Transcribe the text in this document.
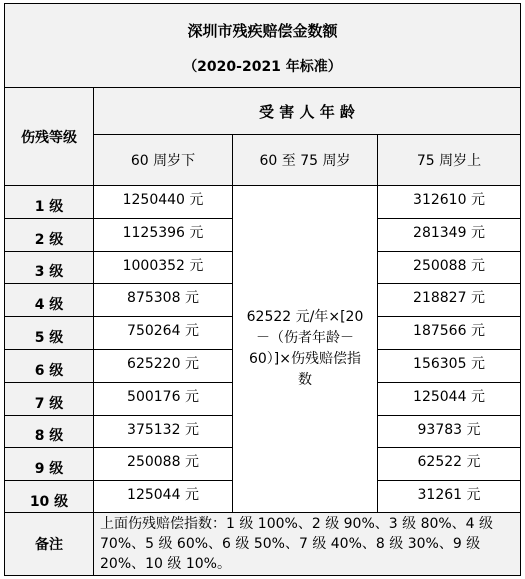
深圳市残疾赔偿金数额
（2020-2021 年标准）
伤残等级
受 害 人 年 龄
60 周岁下	60 至 75 周岁	75 周岁上
1 级	1250440 元	312610 元
2 级	1125396 元	281349 元
3 级	1000352 元	250088 元
4 级	875308 元	218827 元
5 级	750264 元	187566 元
6 级	625220 元	156305 元
7 级	500176 元	125044 元
8 级	375132 元	93783 元
9 级	250088 元	62522 元
10 级	125044 元	31261 元
62522 元/年×[20－（伤者年龄－60）]×伤残赔偿指数
备注
上面伤残赔偿指数：1 级 100%、2 级 90%、3 级 80%、4 级 70%、5 级 60%、6 级 50%、7 级 40%、8 级 30%、9 级 20%、10 级 10%。
